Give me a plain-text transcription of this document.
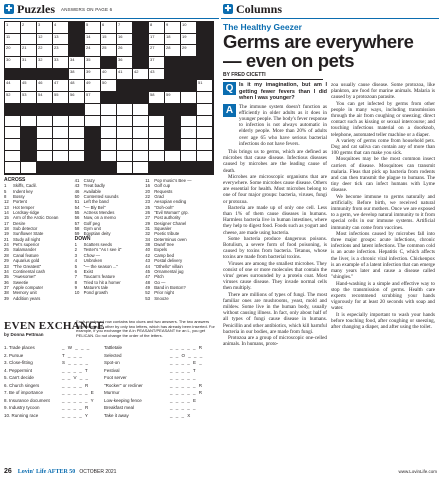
✚ Puzzles ANSWERS ON PAGE 6
1	2	3	4	5	6	7	8	9	10
11	12	13	14	15	16	17	18	19
20	21	22	23	24	25	26	27	28	29
30	31	32	33	34	35	36	37
38	39	40	41	42	43
44	45	46	47	48	49	50	51
52	53	54	55	56	57	58	59
ACROSS
1	Skiffs, Cadil.
5	Indent key
8	Bossy
12 Portent
13 Hot temper
14 Lordsay-ridge
15 Arm of the Arctic Ocean
17 Desire
18 Sub detector
19 Sunflower State
21 Study all night
24 Pet's superior
25 Salamander
28 Canal feature
29 Aquarius gold
33 "The Greatest"
34 Continental cash
35 "Awesome!"
36 Sweetie
37 Apple computer
38 Memory unit
39 Addition years
41 Crazy
43 Treat badly
46 Available
50 Contented sounds
51 Left the band
54 "— Bly Bel"
55 Actress Mendes
56 Now, on a memo
57 Golf peg
58 Gym unit
59 Egyptian deity
DOWN
1	Scatters seeds
2	Tester's "As I see it"
3	Chow —
4	Unbroken
5	"— the season ..."
6	Exist
7	Toucan's feature
8	Tried to hit a homer
9	Mature's tale
10 Pond growth
11	Pop music's Bee —
16 Golf cup
20 Requests
22 Grad
23 Aesopian ending
25 "Ooh-ooh"
26 "Evil Woman" grp.
27 Post authority
29 Designer Chanel
31 Squealer
32 Poetic tribute
34 Determinus oven
38 Dwarf tree
40 Expels
42 Camp bed
43 Postal delivery
44 "Othello" villain
45 Ornamental jug
47 Pitch
48 Go —
49 Band in Boston?
52 Prior night
53 Snooze
EVEN EXCHANGE
by Donna Pettman
Each numbered row contains two clues and two answers. The two answers differ from each other by only two letters, which has already been inserted. For example, if you exchange the A in PEASANT/PEASANT for an L, you get PELICAN. Do not change the order of the letters.
1. Trade places	_ W _ _ _	Tattletale	_ _ _ _ _ R
2. Pursue	T _ _ _	Selected	_ _ O _ _ _
3. Close-fitting	S _ _ _ _	Spot-on	_ _ _ _ E _
4. Peppermint	_ _ _ _ T	Festival	_ _ _ _ T
5. Can't decide	_ _ V _ _	Foot server	_ _ _ _ _
6. Church singers	_ _ _ _ R	"Rocker" or recliner	_ _ _ _ _ R
7. Be of importance	_ _ _ _ _ E	Murmur	_ _ _ _ _ R
8. Insurance document	_ _ _ _ _ Y	Low-keeping fence	_ _ _ _ E
9. Industry tycoon	_ _ _ _ R	Breakfast meal	_ _ _ _ _
10. Running race	_ _ _ _ Y	Take it away	_ _ _ X
26 Lovin' Life AFTER 50 OCTOBER 2021
✚ Columns
The Healthy Geezer
Germs are everywhere — even on pets
BY FRED CICETTI
Q	Is it my imagination, but am I getting fewer fevers than I did when I was younger?
A	The immune system doesn't function as efficiently in older adults as it does in younger people. The body's fever response to infection is not always automatic in elderly people. More than 20% of adults over age 65 who have serious bacterial infections do not have fevers.

This brings us to germs, which are defined as microbes that cause disease. Infectious diseases caused by microbes are the leading cause of death.

Microbes are microscopic organisms that are everywhere. Some microbes cause disease. Others are essential for health. Most microbes belong to one of four major groups: bacteria, viruses, fungi or protozoa.

Bacteria are made up of only one cell. Less than 1% of them cause diseases in humans. Harmless bacteria live in human intestines, where they help to digest food. Foods such as yogurt and cheese, are made using bacteria.

Some bacteria produce dangerous poisons. Botulism, a severe form of food poisoning, is caused by toxins from bacteria. Tetanus, whose toxins are made from bacterial toxins.

Viruses are among the smallest microbes. They consist of one or more molecules that contain the virus' genes surrounded by a protein coat. Most viruses cause disease. They invade normal cells then multiply.

There are millions of types of fungi. The most familiar ones are mushrooms, yeast, mold and mildew. Some live in the human body, usually without causing illness. In fact, only about half of all types of fungi cause disease in humans. Penicillin and other antibiotics, which kill harmful bacteria in our bodies, are made from fungi.

Protozoa are a group of microscopic one-celled animals. In humans, proto-

zoa usually cause disease. Some protozoa, like plankton, are food for marine animals. Malaria is caused by a protozoan parasite.

You can get infected by germs from other people in many ways, including transmission through the air from coughing or sneezing; direct contact such as kissing or sexual intercourse; and touching infectious material on a doorknob, telephone, automated teller machine or a diaper.

A variety of germs come from household pets. Dog and cat saliva can contain any of more than 100 germs that can make you sick.

Mosquitoes may be the most common insect carriers of disease. Mosquitoes can transmit malaria. Fleas that pick up bacteria from rodents and can then transmit the plague to humans. The tiny deer tick can infect humans with Lyme disease.

We become immune to germs naturally and artificially. Before birth, we received natural immunity from our mothers. Once we are exposed to a germ, we develop natural immunity to it from special cells in our immune systems. Artificial immunity can come from vaccines.

Most infections caused by microbes fall into three major groups: acute infections, chronic infections and latent infections. The common cold is an acute infection. Hepatitis C, which affects the liver, is a chronic viral infection. Chickenpox is an example of a latent infection that can emerge many years later and cause a disease called "shingles."

Hand-washing is a simple and effective way to stop the transmission of germs. Health care experts recommend scrubbing your hands vigorously for at least 20 seconds with soap and water.

It is especially important to wash your hands before touching food, after coughing or sneezing, after changing a diaper, and after using the toilet.

www.LovinLife.com
